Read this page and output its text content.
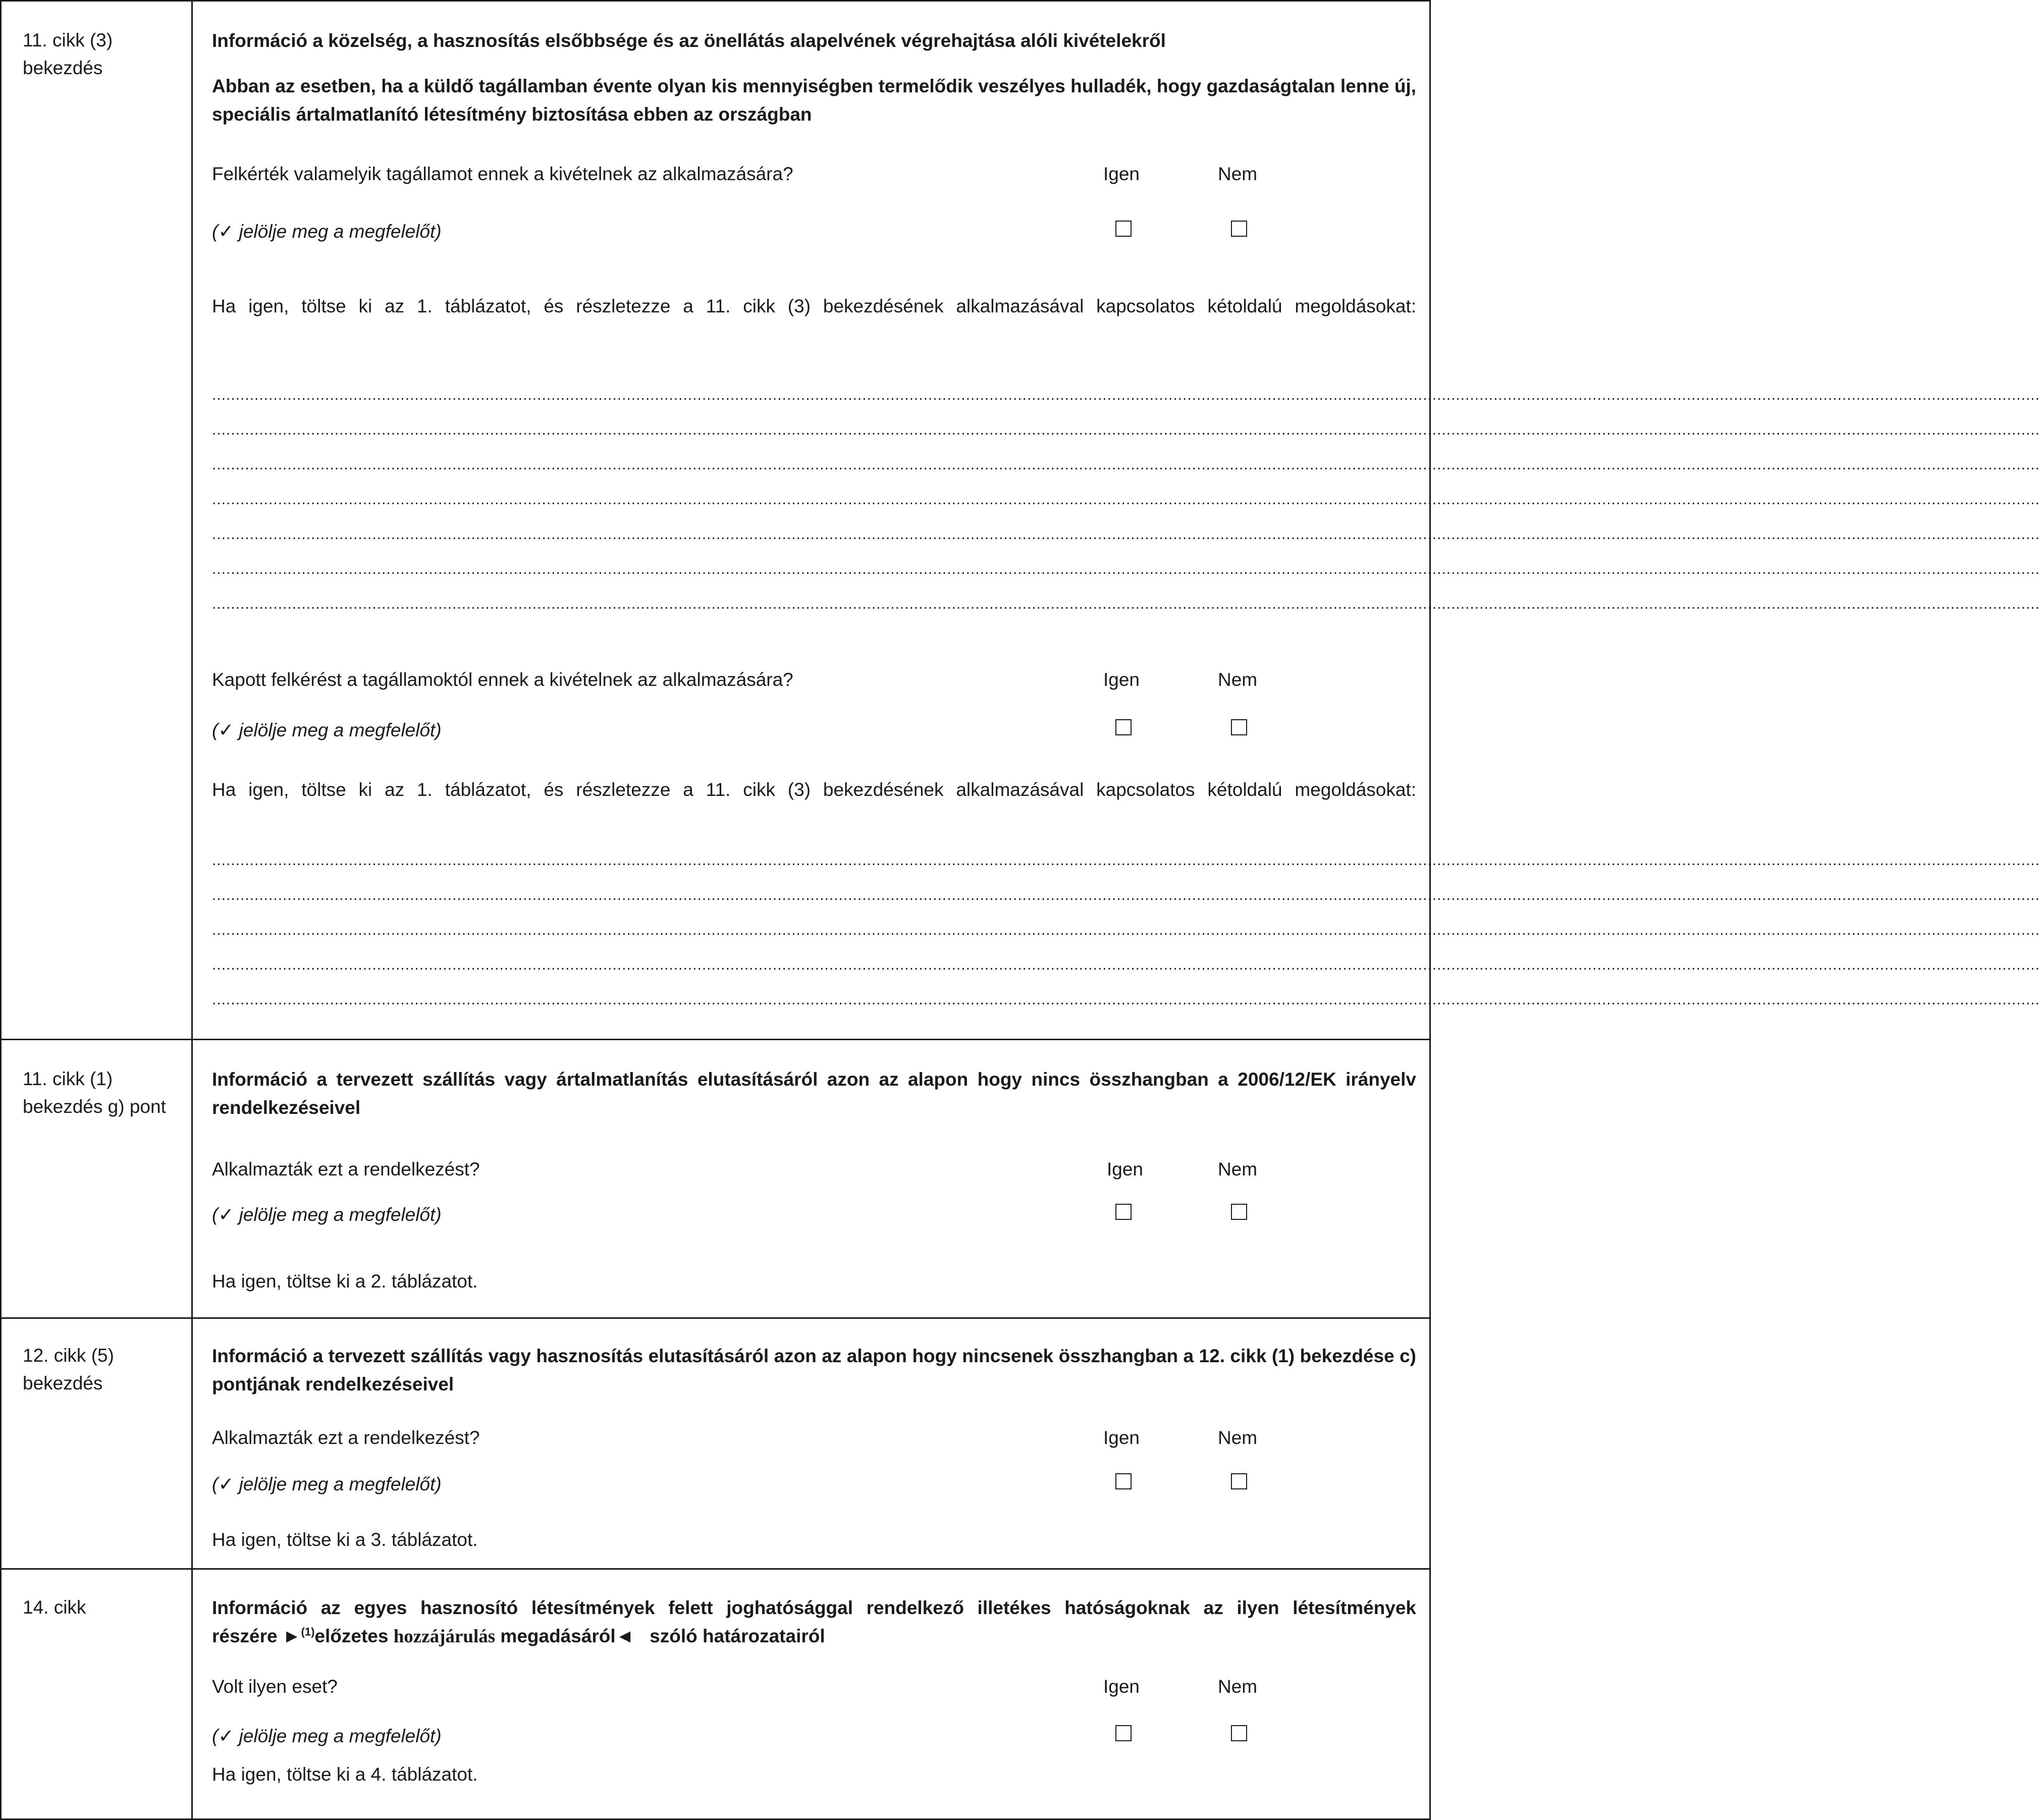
11. cikk (3) bekezdés
Információ a közelség, a hasznosítás elsőbbsége és az önellátás alapelvének végrehajtása alóli kivételekről
Abban az esetben, ha a küldő tagállamban évente olyan kis mennyiségben termelődik veszélyes hulladék, hogy gazdaságtalan lenne új, speciális ártalmatlanító létesítmény biztosítása ebben az országban
Felkérték valamelyik tagállamot ennek a kivételnek az alkalmazására?	Igen	Nem
(✓ jelölje meg a megfelelőt)
Ha igen, töltse ki az 1. táblázatot, és részletezze a 11. cikk (3) bekezdésének alkalmazásával kapcsolatos kétoldalú megoldásokat:
....................................................................................................................................................................................................................................................................................................................................................................................................
....................................................................................................................................................................................................................................................................................................................................................................................................
....................................................................................................................................................................................................................................................................................................................................................................................................
....................................................................................................................................................................................................................................................................................................................................................................................................
....................................................................................................................................................................................................................................................................................................................................................................................................
....................................................................................................................................................................................................................................................................................................................................................................................................
....................................................................................................................................................................................................................................................................................................................................................................................................
Kapott felkérést a tagállamoktól ennek a kivételnek az alkalmazására?	Igen	Nem
(✓ jelölje meg a megfelelőt)
Ha igen, töltse ki az 1. táblázatot, és részletezze a 11. cikk (3) bekezdésének alkalmazásával kapcsolatos kétoldalú megoldásokat:
....................................................................................................................................................................................................................................................................................................................................................................................................
....................................................................................................................................................................................................................................................................................................................................................................................................
....................................................................................................................................................................................................................................................................................................................................................................................................
....................................................................................................................................................................................................................................................................................................................................................................................................
....................................................................................................................................................................................................................................................................................................................................................................................................
11. cikk (1) bekezdés g) pont
Információ a tervezett szállítás vagy ártalmatlanítás elutasításáról azon az alapon hogy nincs összhangban a 2006/12/EK irányelv rendelkezéseivel
Alkalmazták ezt a rendelkezést?	Igen	Nem
(✓ jelölje meg a megfelelőt)
Ha igen, töltse ki a 2. táblázatot.
12. cikk (5) bekezdés
Információ a tervezett szállítás vagy hasznosítás elutasításáról azon az alapon hogy nincsenek összhangban a 12. cikk (1) bekezdése c) pontjának rendelkezéseivel
Alkalmazták ezt a rendelkezést?	Igen	Nem
(✓ jelölje meg a megfelelőt)
Ha igen, töltse ki a 3. táblázatot.
14. cikk	Információ az egyes hasznosító létesítmények felett joghatósággal rendelkező illetékes hatóságoknak az ilyen létesítmények
részére ►$^{(1)}$előzetes hozzájárulás megadásáról◄ szóló határozatairól
Volt ilyen eset?	Igen	Nem
(✓ jelölje meg a megfelelőt)
Ha igen, töltse ki a 4. táblázatot.
